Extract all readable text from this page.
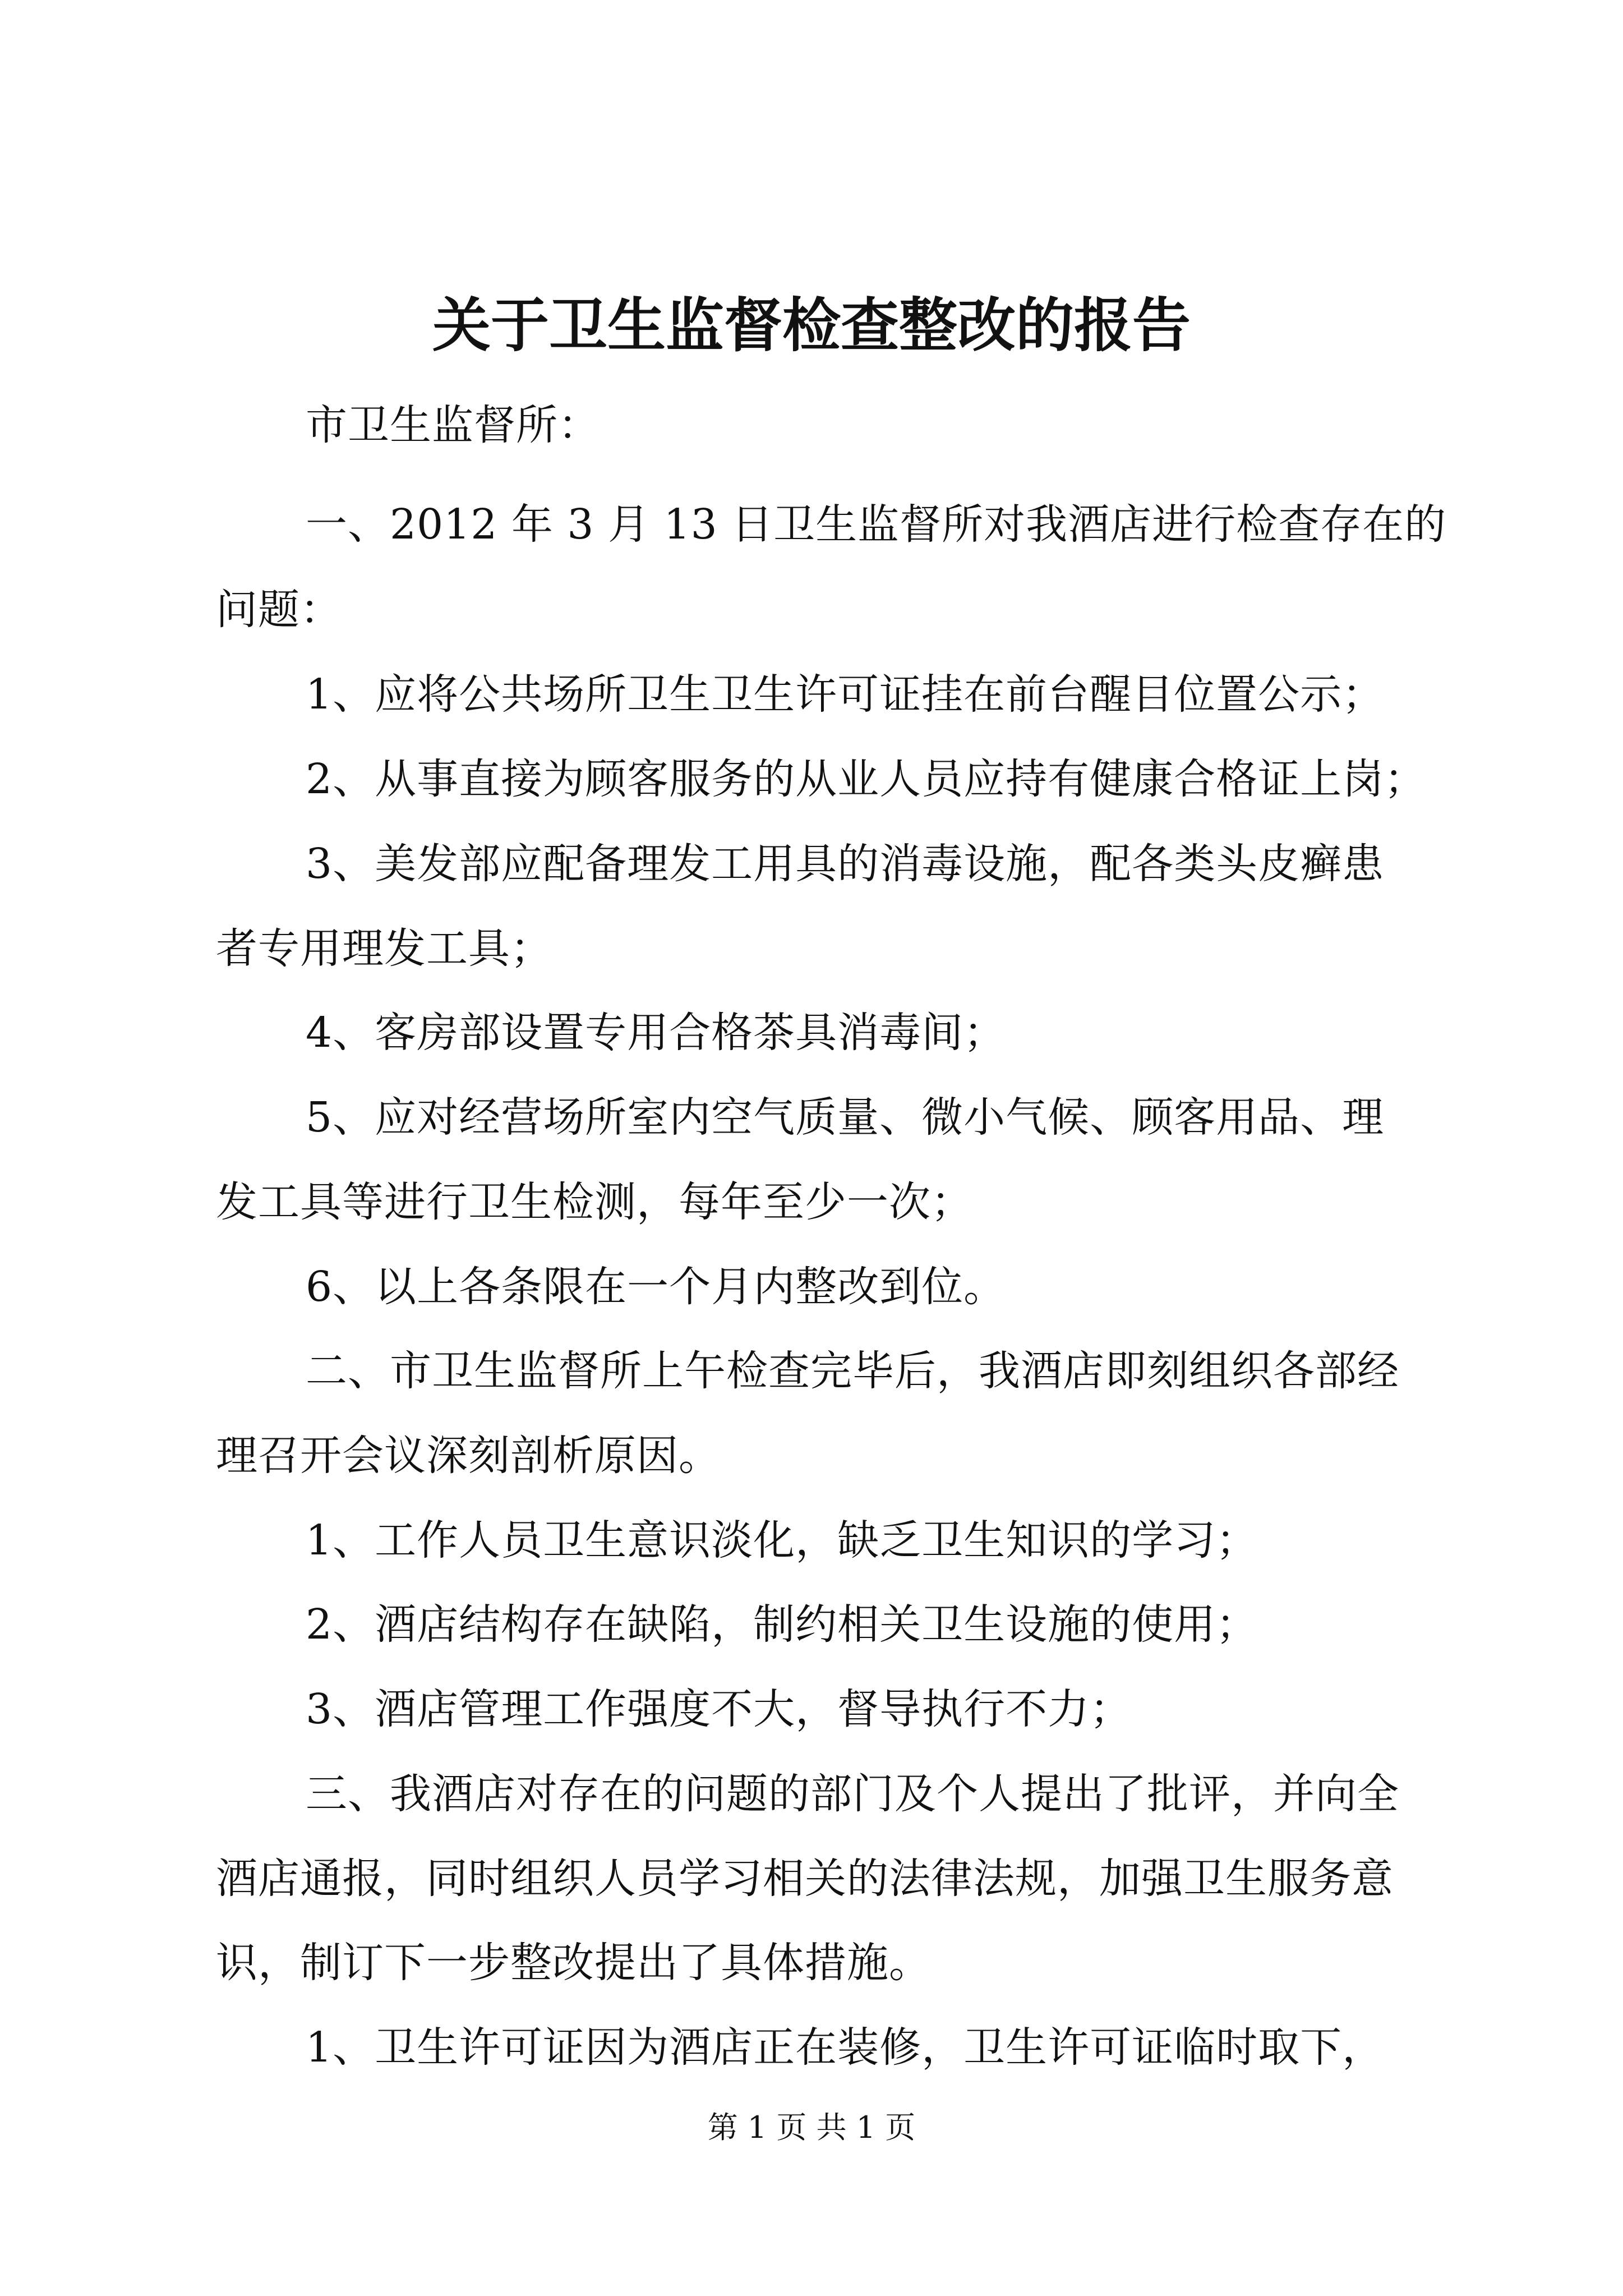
关于卫生监督检查整改的报告
市卫生监督所：
一、2012 年 3 月 13 日卫生监督所对我酒店进行检查存在的
问题：
1、应将公共场所卫生卫生许可证挂在前台醒目位置公示；
2、从事直接为顾客服务的从业人员应持有健康合格证上岗；
3、美发部应配备理发工用具的消毒设施，配各类头皮癣患
者专用理发工具；
4、客房部设置专用合格茶具消毒间；
5、应对经营场所室内空气质量、微小气候、顾客用品、理
发工具等进行卫生检测，每年至少一次；
6、以上各条限在一个月内整改到位。
二、市卫生监督所上午检查完毕后，我酒店即刻组织各部经
理召开会议深刻剖析原因。
1、工作人员卫生意识淡化，缺乏卫生知识的学习；
2、酒店结构存在缺陷，制约相关卫生设施的使用；
3、酒店管理工作强度不大，督导执行不力；
三、我酒店对存在的问题的部门及个人提出了批评，并向全
酒店通报，同时组织人员学习相关的法律法规，加强卫生服务意
识，制订下一步整改提出了具体措施。
1、卫生许可证因为酒店正在装修，卫生许可证临时取下，
第 1 页 共 1 页
